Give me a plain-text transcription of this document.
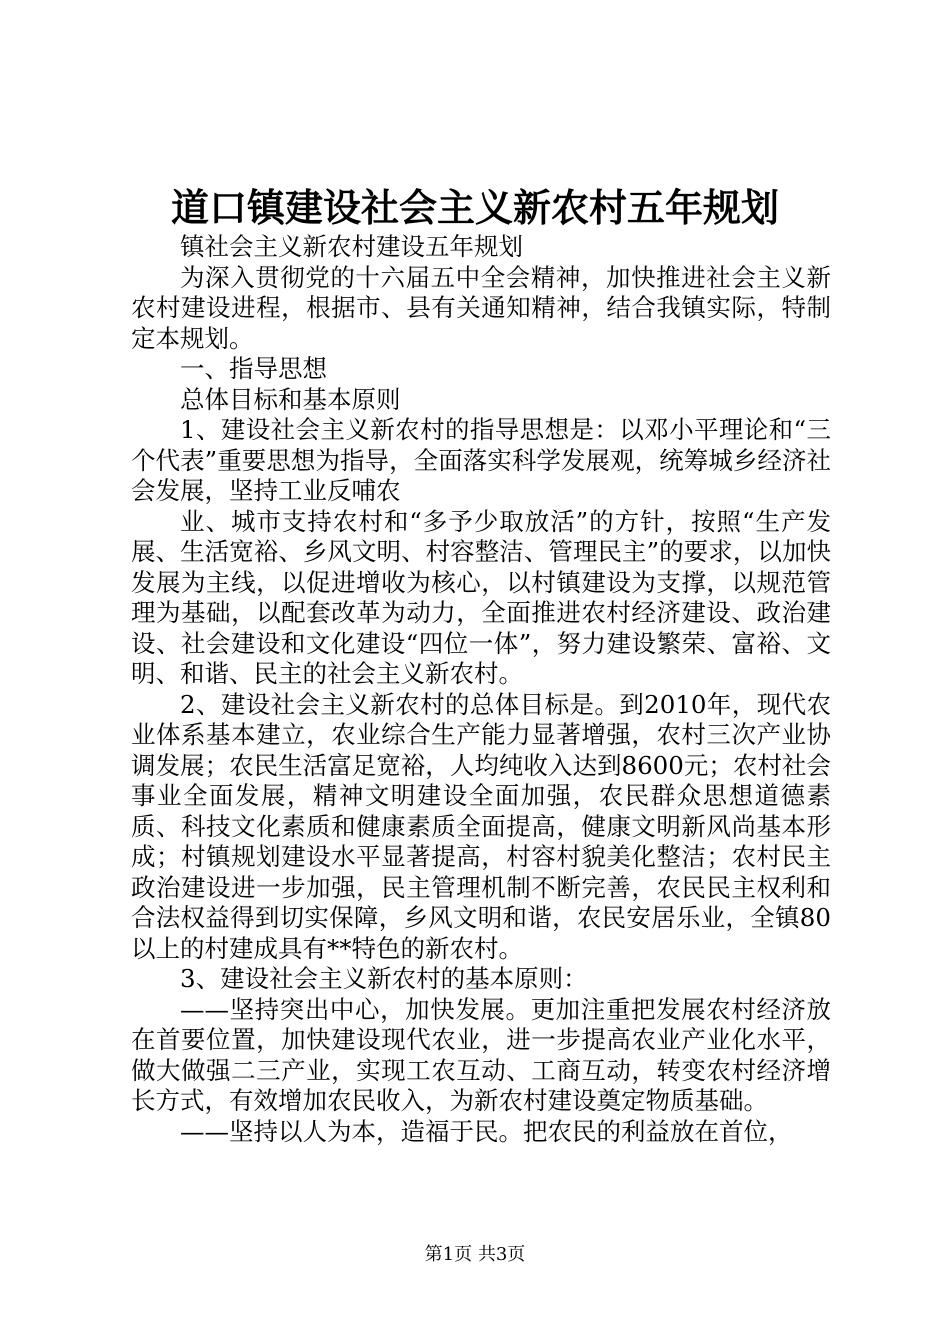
道口镇建设社会主义新农村五年规划

镇社会主义新农村建设五年规划

为深入贯彻党的十六届五中全会精神，加快推进社会主义新农村建设进程，根据市、县有关通知精神，结合我镇实际，特制定本规划。

一、指导思想

总体目标和基本原则

1、建设社会主义新农村的指导思想是：以邓小平理论和“三个代表”重要思想为指导，全面落实科学发展观，统筹城乡经济社会发展，坚持工业反哺农

业、城市支持农村和“多予少取放活”的方针，按照“生产发展、生活宽裕、乡风文明、村容整洁、管理民主”的要求，以加快发展为主线，以促进增收为核心，以村镇建设为支撑，以规范管理为基础，以配套改革为动力，全面推进农村经济建设、政治建设、社会建设和文化建设“四位一体”，努力建设繁荣、富裕、文明、和谐、民主的社会主义新农村。

2、建设社会主义新农村的总体目标是。到2010年，现代农业体系基本建立，农业综合生产能力显著增强，农村三次产业协调发展；农民生活富足宽裕，人均纯收入达到8600元；农村社会事业全面发展，精神文明建设全面加强，农民群众思想道德素质、科技文化素质和健康素质全面提高，健康文明新风尚基本形成；村镇规划建设水平显著提高，村容村貌美化整洁；农村民主政治建设进一步加强，民主管理机制不断完善，农民民主权利和合法权益得到切实保障，乡风文明和谐，农民安居乐业，全镇80以上的村建成具有**特色的新农村。

3、建设社会主义新农村的基本原则：

——坚持突出中心，加快发展。更加注重把发展农村经济放在首要位置，加快建设现代农业，进一步提高农业产业化水平，做大做强二三产业，实现工农互动、工商互动，转变农村经济增长方式，有效增加农民收入，为新农村建设奠定物质基础。

——坚持以人为本，造福于民。把农民的利益放在首位，

第1页 共3页
